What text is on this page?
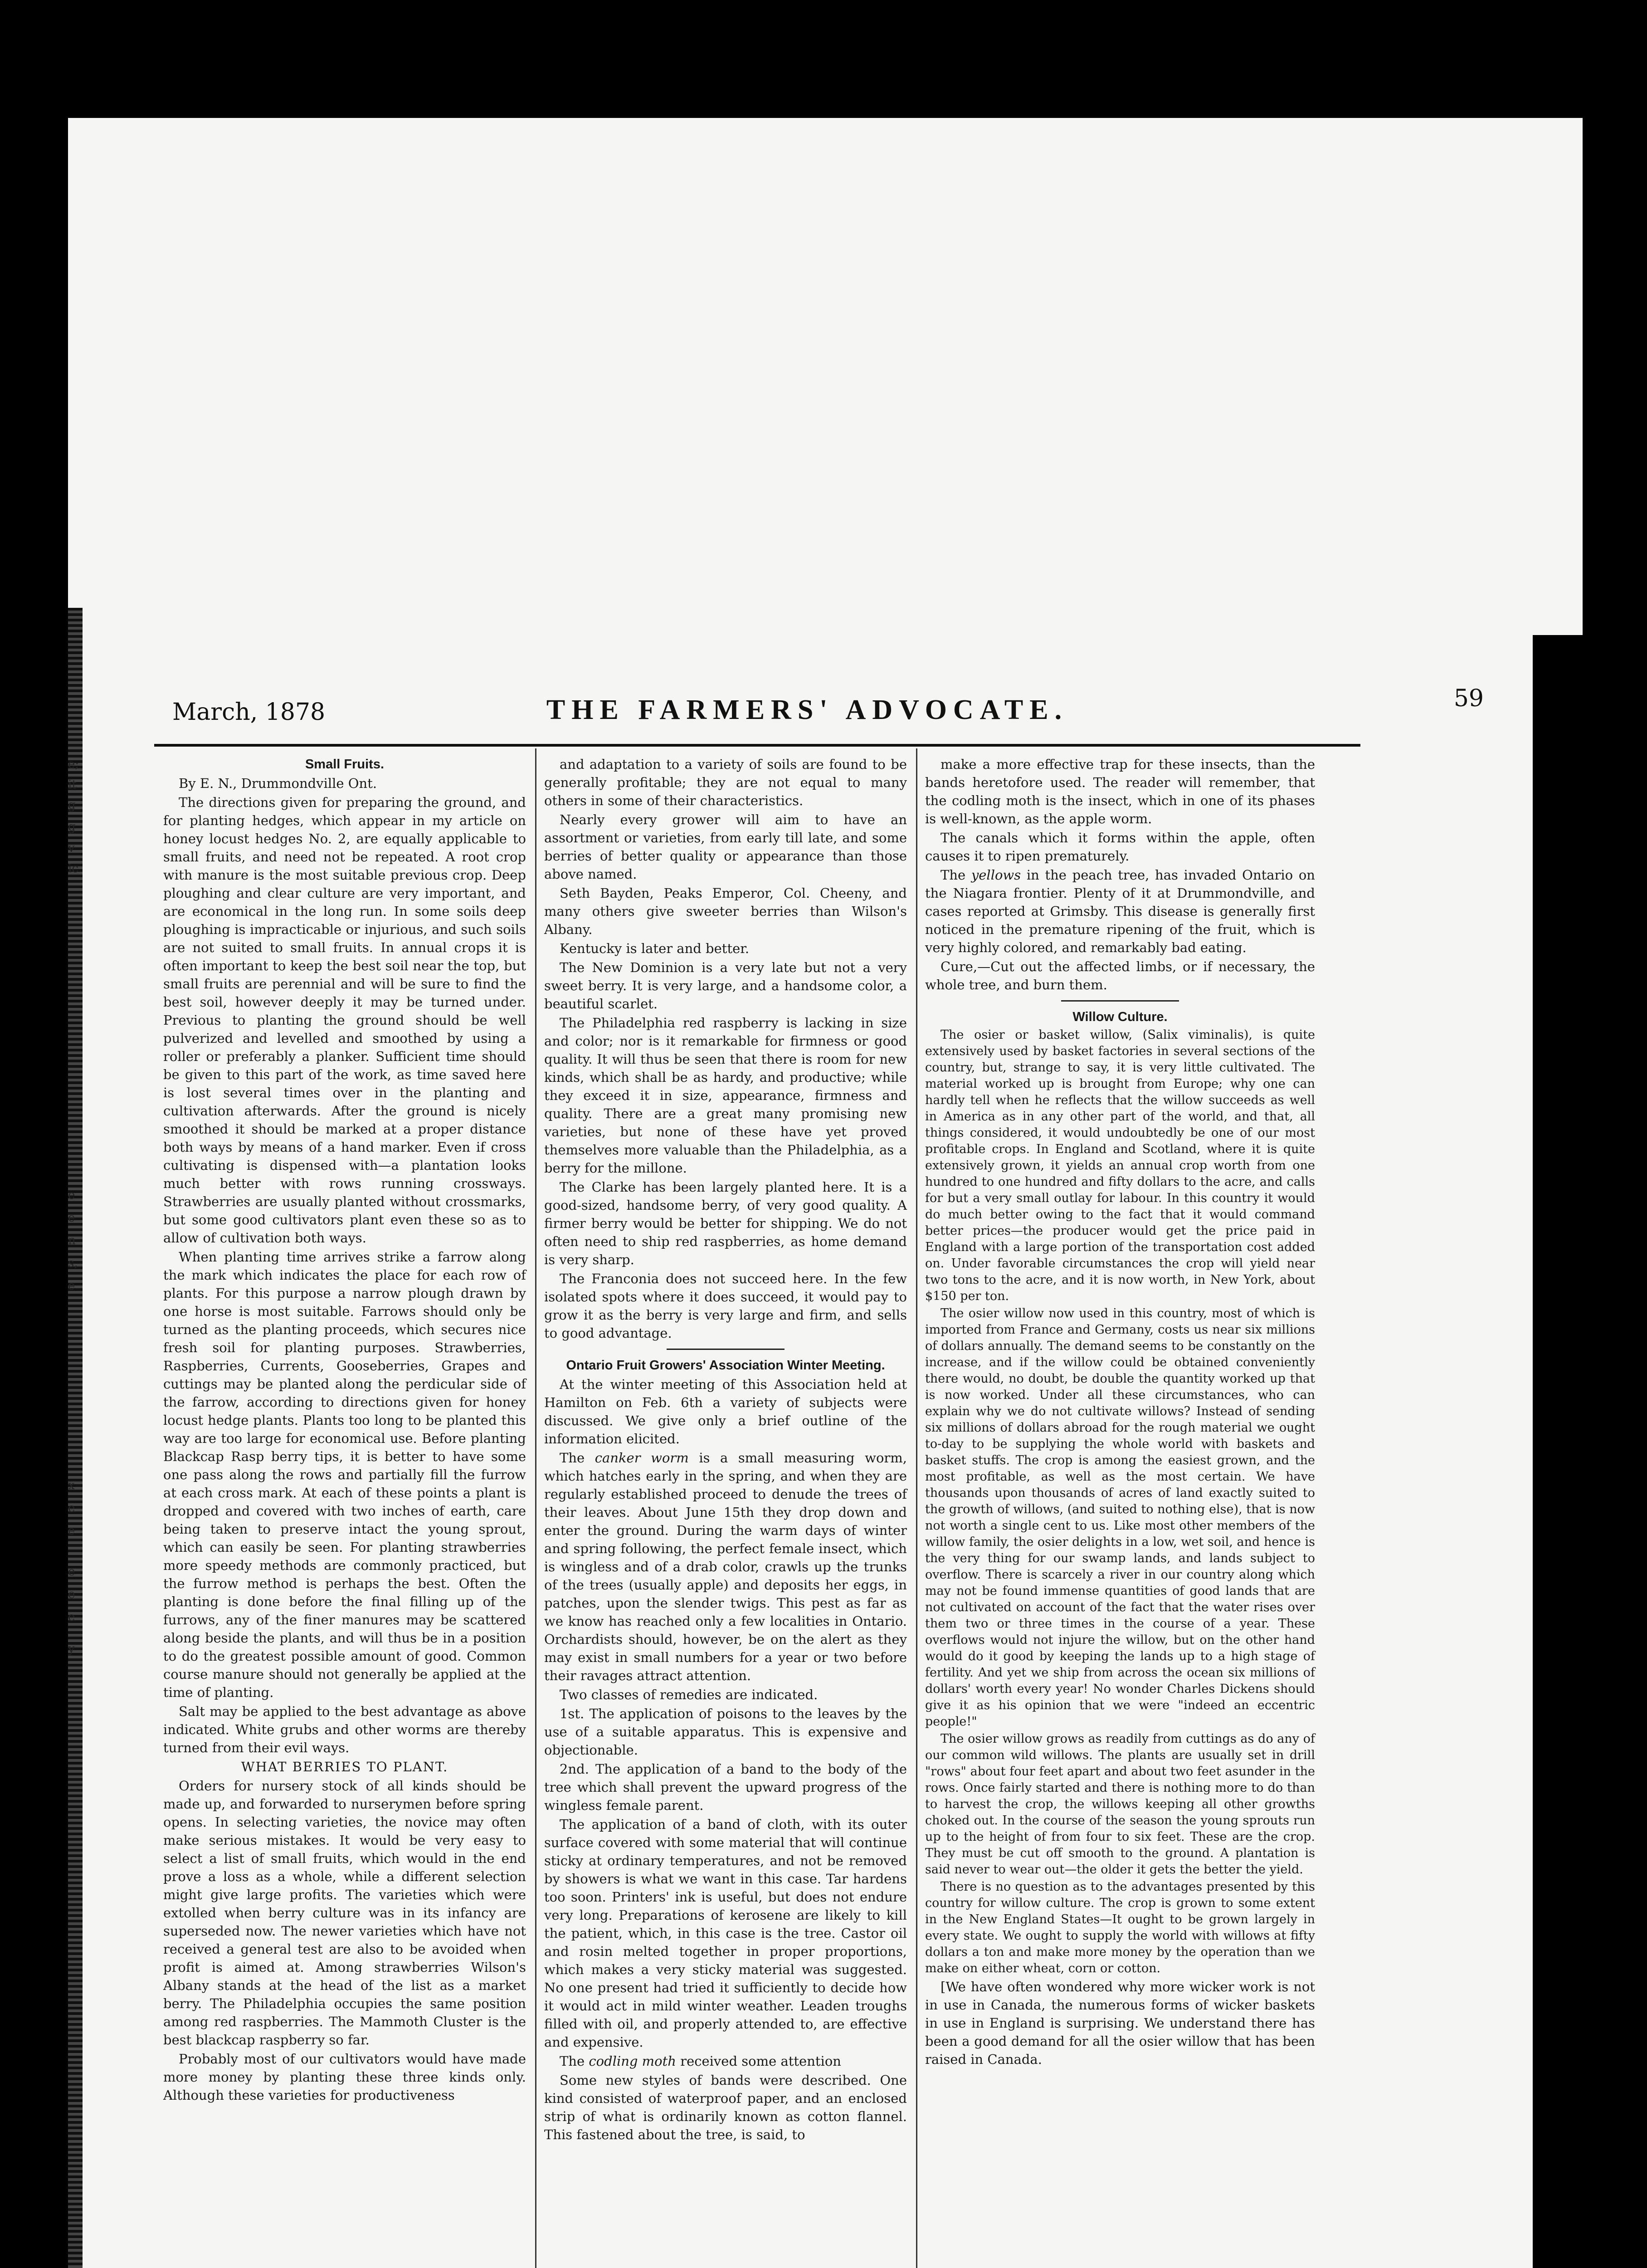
e;
it
g
g
v
ic
e
e
n
s,
e
x
e
e
e
e
e
y
March, 1878	THE FARMERS' ADVOCATE.	59

Small Fruits.

By E. N., Drummondville Ont.

The directions given for preparing the ground, and for planting hedges, which appear in my article on honey locust hedges No. 2, are equally applicable to small fruits, and need not be repeated. A root crop with manure is the most suitable previous crop. Deep ploughing and clear culture are very important, and are economical in the long run. In some soils deep ploughing is impracticable or injurious, and such soils are not suited to small fruits. In annual crops it is often important to keep the best soil near the top, but small fruits are perennial and will be sure to find the best soil, however deeply it may be turned under. Previous to planting the ground should be well pulverized and levelled and smoothed by using a roller or preferably a planker. Sufficient time should be given to this part of the work, as time saved here is lost several times over in the planting and cultivation afterwards. After the ground is nicely smoothed it should be marked at a proper distance both ways by means of a hand marker. Even if cross cultivating is dispensed with—a plantation looks much better with rows running crossways. Strawberries are usually planted without crossmarks, but some good cultivators plant even these so as to allow of cultivation both ways.

When planting time arrives strike a farrow along the mark which indicates the place for each row of plants. For this purpose a narrow plough drawn by one horse is most suitable. Farrows should only be turned as the planting proceeds, which secures nice fresh soil for planting purposes. Strawberries, Raspberries, Currents, Gooseberries, Grapes and cuttings may be planted along the perdicular side of the farrow, according to directions given for honey locust hedge plants. Plants too long to be planted this way are too large for economical use. Before planting Blackcap Rasp berry tips, it is better to have some one pass along the rows and partially fill the furrow at each cross mark. At each of these points a plant is dropped and covered with two inches of earth, care being taken to preserve intact the young sprout, which can easily be seen. For planting strawberries more speedy methods are commonly practiced, but the furrow method is perhaps the best. Often the planting is done before the final filling up of the furrows, any of the finer manures may be scattered along beside the plants, and will thus be in a position to do the greatest possible amount of good. Common course manure should not generally be applied at the time of planting.

Salt may be applied to the best advantage as above indicated. White grubs and other worms are thereby turned from their evil ways.

WHAT BERRIES TO PLANT.

Orders for nursery stock of all kinds should be made up, and forwarded to nurserymen before spring opens. In selecting varieties, the novice may often make serious mistakes. It would be very easy to select a list of small fruits, which would in the end prove a loss as a whole, while a different selection might give large profits. The varieties which were extolled when berry culture was in its infancy are superseded now. The newer varieties which have not received a general test are also to be avoided when profit is aimed at. Among strawberries Wilson's Albany stands at the head of the list as a market berry. The Philadelphia occupies the same position among red raspberries. The Mammoth Cluster is the best blackcap raspberry so far.

Probably most of our cultivators would have made more money by planting these three kinds only. Although these varieties for productiveness

and adaptation to a variety of soils are found to be generally profitable; they are not equal to many others in some of their characteristics.

Nearly every grower will aim to have an assortment or varieties, from early till late, and some berries of better quality or appearance than those above named.

Seth Bayden, Peaks Emperor, Col. Cheeny, and many others give sweeter berries than Wilson's Albany.

Kentucky is later and better.

The New Dominion is a very late but not a very sweet berry. It is very large, and a handsome color, a beautiful scarlet.

The Philadelphia red raspberry is lacking in size and color; nor is it remarkable for firmness or good quality. It will thus be seen that there is room for new kinds, which shall be as hardy, and productive; while they exceed it in size, appearance, firmness and quality. There are a great many promising new varieties, but none of these have yet proved themselves more valuable than the Philadelphia, as a berry for the millone.

The Clarke has been largely planted here. It is a good-sized, handsome berry, of very good quality. A firmer berry would be better for shipping. We do not often need to ship red raspberries, as home demand is very sharp.

The Franconia does not succeed here. In the few isolated spots where it does succeed, it would pay to grow it as the berry is very large and firm, and sells to good advantage.

Ontario Fruit Growers' Association Winter Meeting.

At the winter meeting of this Association held at Hamilton on Feb. 6th a variety of subjects were discussed. We give only a brief outline of the information elicited.

The canker worm is a small measuring worm, which hatches early in the spring, and when they are regularly established proceed to denude the trees of their leaves. About June 15th they drop down and enter the ground. During the warm days of winter and spring following, the perfect female insect, which is wingless and of a drab color, crawls up the trunks of the trees (usually apple) and deposits her eggs, in patches, upon the slender twigs. This pest as far as we know has reached only a few localities in Ontario. Orchardists should, however, be on the alert as they may exist in small numbers for a year or two before their ravages attract attention.

Two classes of remedies are indicated.

1st. The application of poisons to the leaves by the use of a suitable apparatus. This is expensive and objectionable.

2nd. The application of a band to the body of the tree which shall prevent the upward progress of the wingless female parent.

The application of a band of cloth, with its outer surface covered with some material that will continue sticky at ordinary temperatures, and not be removed by showers is what we want in this case. Tar hardens too soon. Printers' ink is useful, but does not endure very long. Preparations of kerosene are likely to kill the patient, which, in this case is the tree. Castor oil and rosin melted together in proper proportions, which makes a very sticky material was suggested. No one present had tried it sufficiently to decide how it would act in mild winter weather. Leaden troughs filled with oil, and properly attended to, are effective and expensive.

The codling moth received some attention

Some new styles of bands were described. One kind consisted of waterproof paper, and an enclosed strip of what is ordinarily known as cotton flannel. This fastened about the tree, is said, to

make a more effective trap for these insects, than the bands heretofore used. The reader will remember, that the codling moth is the insect, which in one of its phases is well-known, as the apple worm.

The canals which it forms within the apple, often causes it to ripen prematurely.

The yellows in the peach tree, has invaded Ontario on the Niagara frontier. Plenty of it at Drummondville, and cases reported at Grimsby. This disease is generally first noticed in the premature ripening of the fruit, which is very highly colored, and remarkably bad eating.

Cure,—Cut out the affected limbs, or if necessary, the whole tree, and burn them.

Willow Culture.

The osier or basket willow, (Salix viminalis), is quite extensively used by basket factories in several sections of the country, but, strange to say, it is very little cultivated. The material worked up is brought from Europe; why one can hardly tell when he reflects that the willow succeeds as well in America as in any other part of the world, and that, all things considered, it would undoubtedly be one of our most profitable crops. In England and Scotland, where it is quite extensively grown, it yields an annual crop worth from one hundred to one hundred and fifty dollars to the acre, and calls for but a very small outlay for labour. In this country it would do much better owing to the fact that it would command better prices—the producer would get the price paid in England with a large portion of the transportation cost added on. Under favorable circumstances the crop will yield near two tons to the acre, and it is now worth, in New York, about $150 per ton.

The osier willow now used in this country, most of which is imported from France and Germany, costs us near six millions of dollars annually. The demand seems to be constantly on the increase, and if the willow could be obtained conveniently there would, no doubt, be double the quantity worked up that is now worked. Under all these circumstances, who can explain why we do not cultivate willows? Instead of sending six millions of dollars abroad for the rough material we ought to-day to be supplying the whole world with baskets and basket stuffs. The crop is among the easiest grown, and the most profitable, as well as the most certain. We have thousands upon thousands of acres of land exactly suited to the growth of willows, (and suited to nothing else), that is now not worth a single cent to us. Like most other members of the willow family, the osier delights in a low, wet soil, and hence is the very thing for our swamp lands, and lands subject to overflow. There is scarcely a river in our country along which may not be found immense quantities of good lands that are not cultivated on account of the fact that the water rises over them two or three times in the course of a year. These overflows would not injure the willow, but on the other hand would do it good by keeping the lands up to a high stage of fertility. And yet we ship from across the ocean six millions of dollars' worth every year! No wonder Charles Dickens should give it as his opinion that we were "indeed an eccentric people!"

The osier willow grows as readily from cuttings as do any of our common wild willows. The plants are usually set in drill "rows" about four feet apart and about two feet asunder in the rows. Once fairly started and there is nothing more to do than to harvest the crop, the willows keeping all other growths choked out. In the course of the season the young sprouts run up to the height of from four to six feet. These are the crop. They must be cut off smooth to the ground. A plantation is said never to wear out—the older it gets the better the yield.

There is no question as to the advantages presented by this country for willow culture. The crop is grown to some extent in the New England States—It ought to be grown largely in every state. We ought to supply the world with willows at fifty dollars a ton and make more money by the operation than we make on either wheat, corn or cotton.

[We have often wondered why more wicker work is not in use in Canada, the numerous forms of wicker baskets in use in England is surprising. We understand there has been a good demand for all the osier willow that has been raised in Canada.
